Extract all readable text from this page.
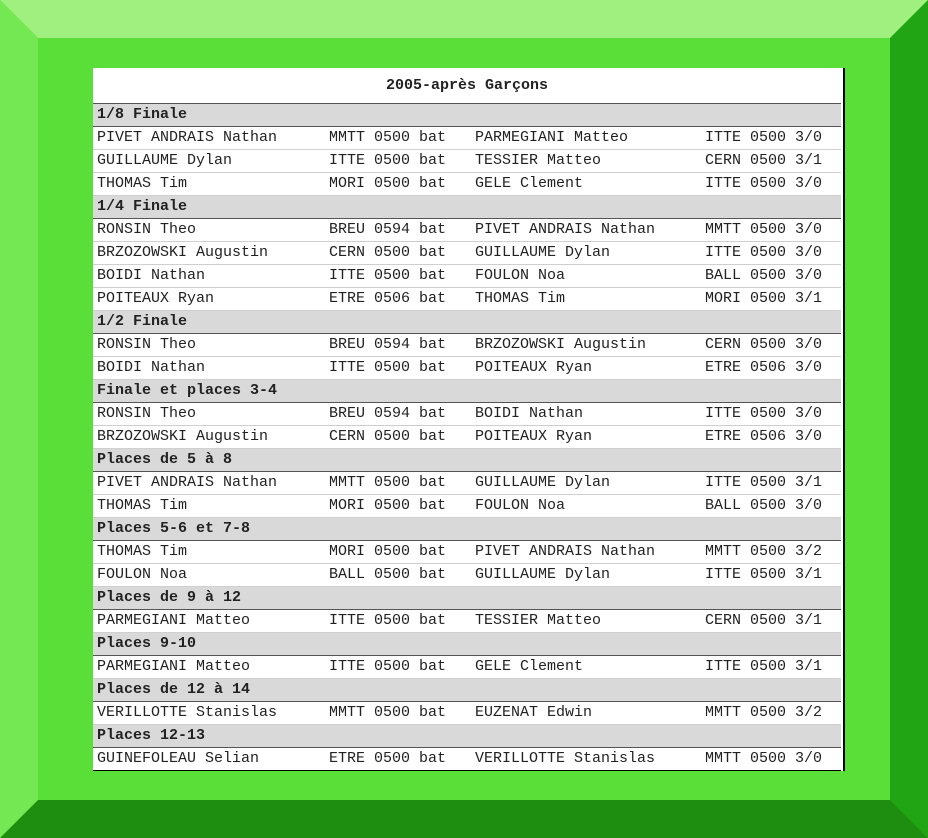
2005-après Garçons			
1/8 Finale			
PIVET ANDRAIS Nathan	MMTT 0500 bat	PARMEGIANI Matteo	ITTE 0500 3/0
GUILLAUME Dylan	ITTE 0500 bat	TESSIER Matteo	CERN 0500 3/1
THOMAS Tim	MORI 0500 bat	GELE Clement	ITTE 0500 3/0
1/4 Finale			
RONSIN Theo	BREU 0594 bat	PIVET ANDRAIS Nathan	MMTT 0500 3/0
BRZOZOWSKI Augustin	CERN 0500 bat	GUILLAUME Dylan	ITTE 0500 3/0
BOIDI Nathan	ITTE 0500 bat	FOULON Noa	BALL 0500 3/0
POITEAUX Ryan	ETRE 0506 bat	THOMAS Tim	MORI 0500 3/1
1/2 Finale			
RONSIN Theo	BREU 0594 bat	BRZOZOWSKI Augustin	CERN 0500 3/0
BOIDI Nathan	ITTE 0500 bat	POITEAUX Ryan	ETRE 0506 3/0
Finale et places 3-4			
RONSIN Theo	BREU 0594 bat	BOIDI Nathan	ITTE 0500 3/0
BRZOZOWSKI Augustin	CERN 0500 bat	POITEAUX Ryan	ETRE 0506 3/0
Places de 5 à 8			
PIVET ANDRAIS Nathan	MMTT 0500 bat	GUILLAUME Dylan	ITTE 0500 3/1
THOMAS Tim	MORI 0500 bat	FOULON Noa	BALL 0500 3/0
Places 5-6 et 7-8			
THOMAS Tim	MORI 0500 bat	PIVET ANDRAIS Nathan	MMTT 0500 3/2
FOULON Noa	BALL 0500 bat	GUILLAUME Dylan	ITTE 0500 3/1
Places de 9 à 12			
PARMEGIANI Matteo	ITTE 0500 bat	TESSIER Matteo	CERN 0500 3/1
Places 9-10			
PARMEGIANI Matteo	ITTE 0500 bat	GELE Clement	ITTE 0500 3/1
Places de 12 à 14			
VERILLOTTE Stanislas	MMTT 0500 bat	EUZENAT Edwin	MMTT 0500 3/2
Places 12-13			
GUINEFOLEAU Selian	ETRE 0500 bat	VERILLOTTE Stanislas	MMTT 0500 3/0
